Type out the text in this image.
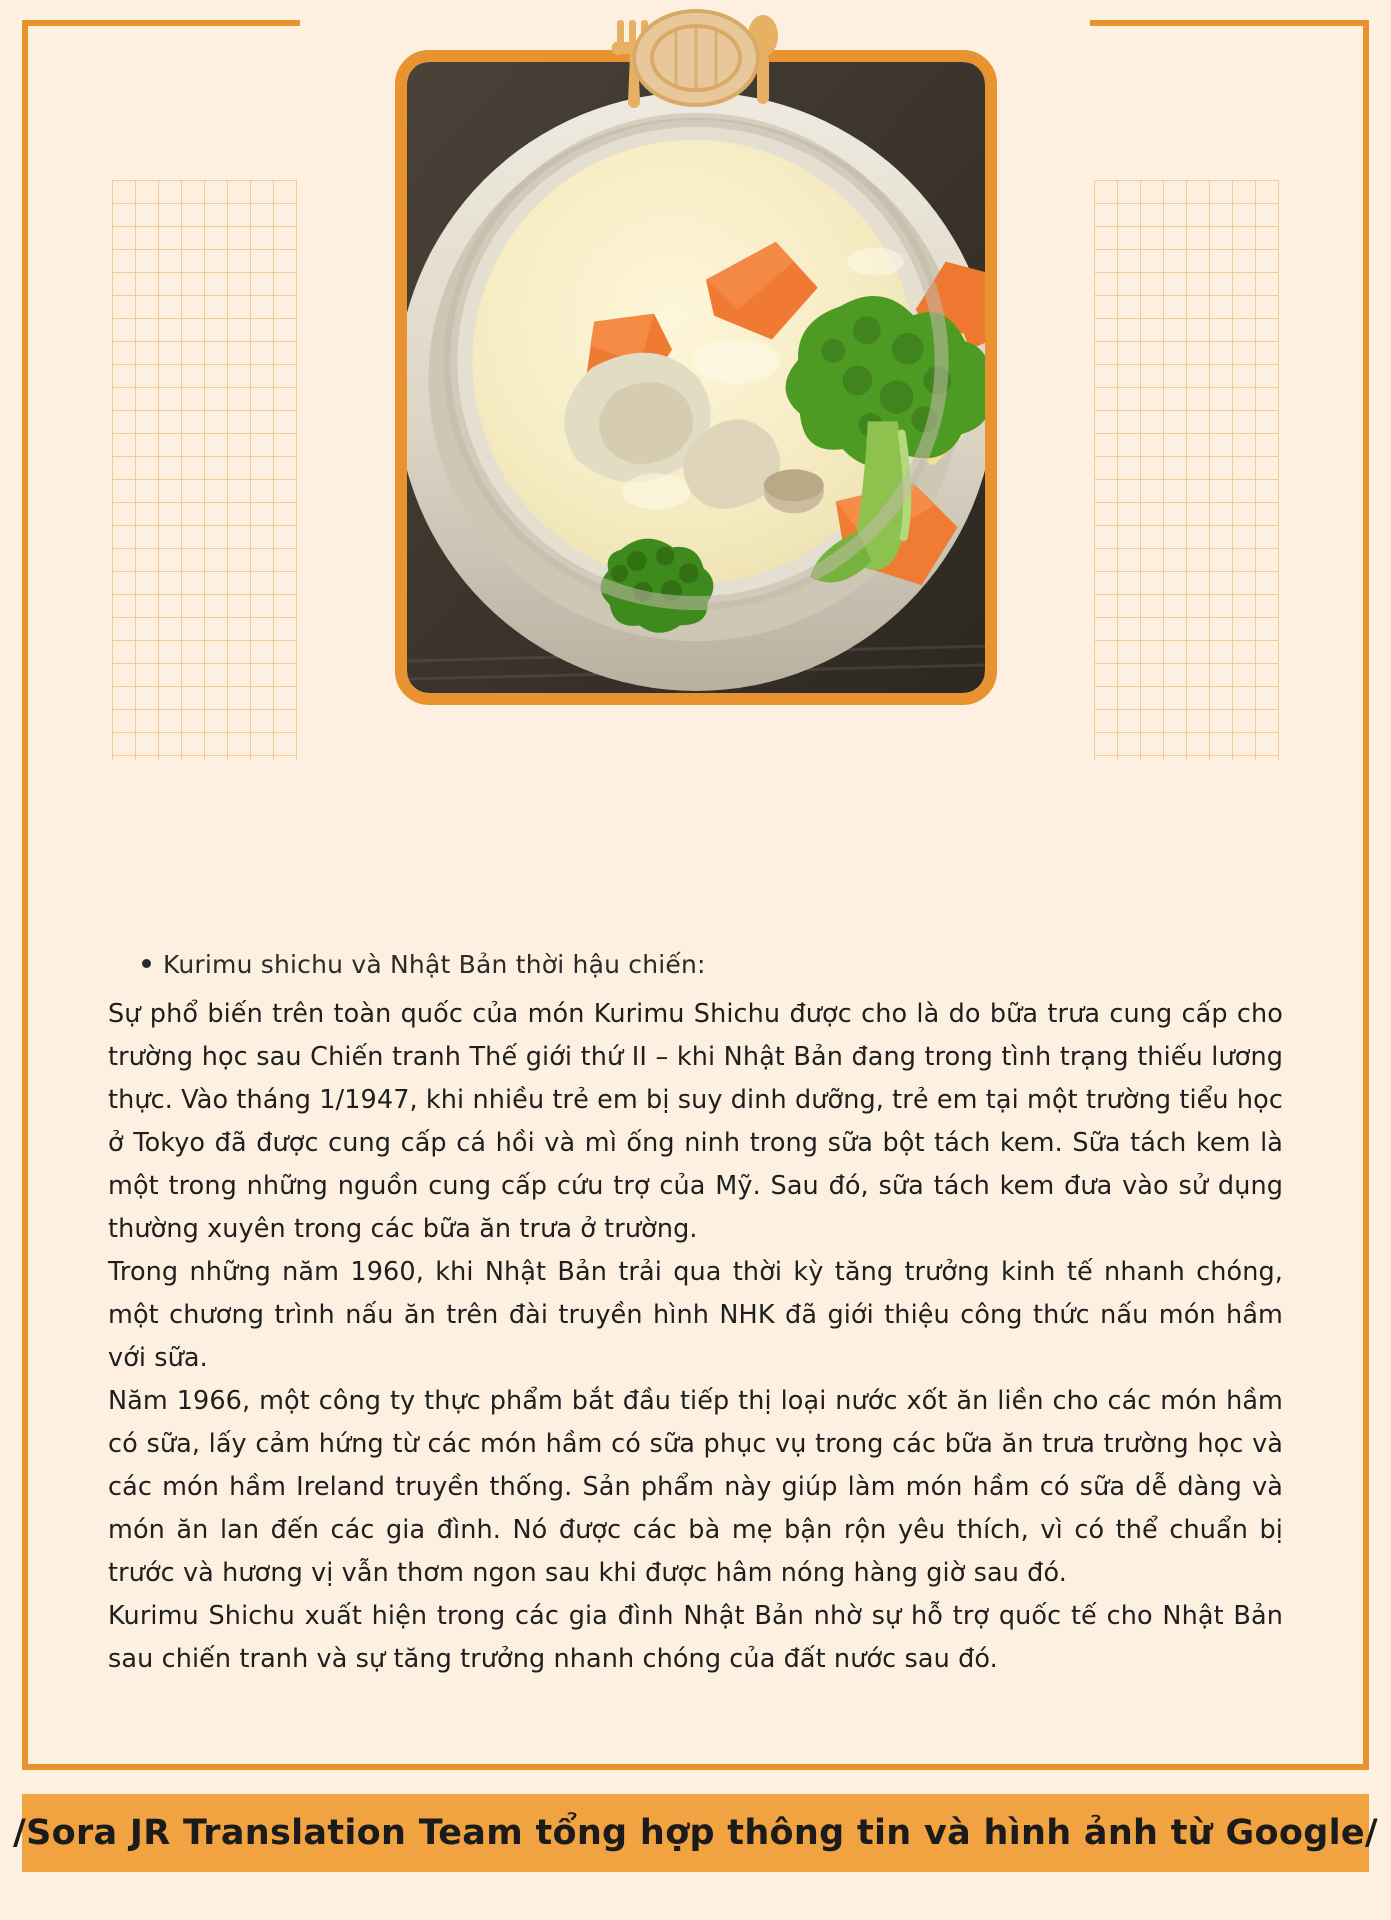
Kurimu shichu và Nhật Bản thời hậu chiến:

Sự phổ biến trên toàn quốc của món Kurimu Shichu được cho là do bữa trưa cung cấp cho trường học sau Chiến tranh Thế giới thứ II – khi Nhật Bản đang trong tình trạng thiếu lương thực. Vào tháng 1/1947, khi nhiều trẻ em bị suy dinh dưỡng, trẻ em tại một trường tiểu học ở Tokyo đã được cung cấp cá hồi và mì ống ninh trong sữa bột tách kem. Sữa tách kem là một trong những nguồn cung cấp cứu trợ của Mỹ. Sau đó, sữa tách kem đưa vào sử dụng thường xuyên trong các bữa ăn trưa ở trường.

Trong những năm 1960, khi Nhật Bản trải qua thời kỳ tăng trưởng kinh tế nhanh chóng, một chương trình nấu ăn trên đài truyền hình NHK đã giới thiệu công thức nấu món hầm với sữa.

Năm 1966, một công ty thực phẩm bắt đầu tiếp thị loại nước xốt ăn liền cho các món hầm có sữa, lấy cảm hứng từ các món hầm có sữa phục vụ trong các bữa ăn trưa trường học và các món hầm Ireland truyền thống. Sản phẩm này giúp làm món hầm có sữa dễ dàng và món ăn lan đến các gia đình. Nó được các bà mẹ bận rộn yêu thích, vì có thể chuẩn bị trước và hương vị vẫn thơm ngon sau khi được hâm nóng hàng giờ sau đó.

Kurimu Shichu xuất hiện trong các gia đình Nhật Bản nhờ sự hỗ trợ quốc tế cho Nhật Bản sau chiến tranh và sự tăng trưởng nhanh chóng của đất nước sau đó.

/Sora JR Translation Team tổng hợp thông tin và hình ảnh từ Google/
